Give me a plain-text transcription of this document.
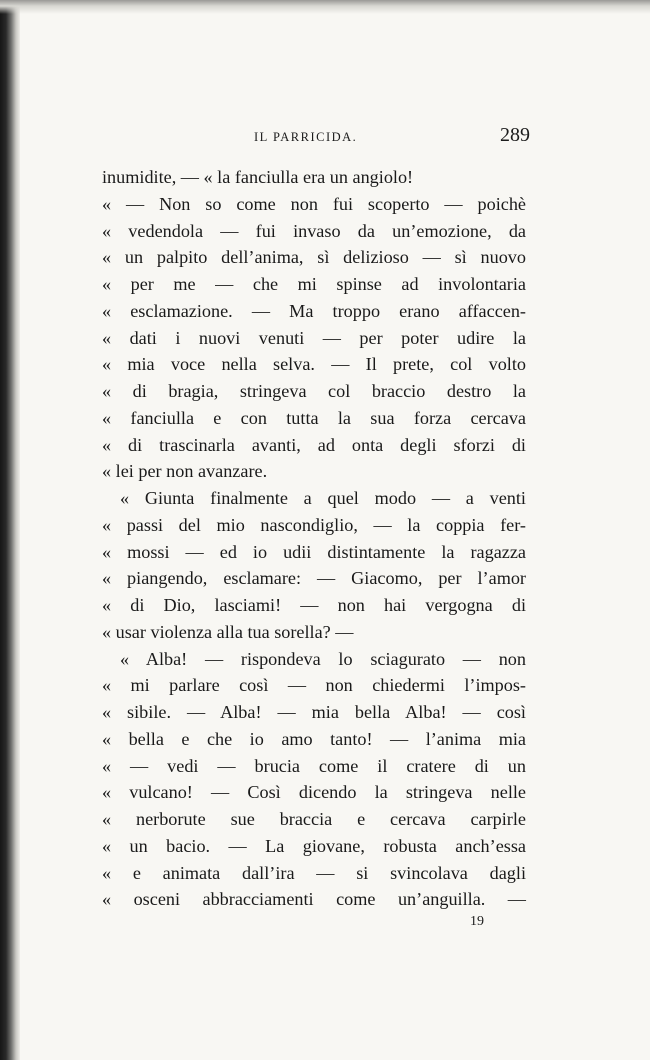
IL PARRICIDA.	289
inumidite, — « la fanciulla era un angiolo!
« — Non so come non fui scoperto — poichè
« vedendola — fui invaso da un’emozione, da
« un palpito dell’anima, sì delizioso — sì nuovo
« per me — che mi spinse ad involontaria
« esclamazione. — Ma troppo erano affaccen-
« dati i nuovi venuti — per poter udire la
« mia voce nella selva. — Il prete, col volto
« di bragia, stringeva col braccio destro la
« fanciulla e con tutta la sua forza cercava
« di trascinarla avanti, ad onta degli sforzi di
« lei per non avanzare.
« Giunta finalmente a quel modo — a venti
« passi del mio nascondiglio, — la coppia fer-
« mossi — ed io udii distintamente la ragazza
« piangendo, esclamare: — Giacomo, per l’amor
« di Dio, lasciami! — non hai vergogna di
« usar violenza alla tua sorella? —
« Alba! — rispondeva lo sciagurato — non
« mi parlare così — non chiedermi l’impos-
« sibile. — Alba! — mia bella Alba! — così
« bella e che io amo tanto! — l’anima mia
« — vedi — brucia come il cratere di un
« vulcano! — Così dicendo la stringeva nelle
« nerborute sue braccia e cercava carpirle
« un bacio. — La giovane, robusta anch’essa
« e animata dall’ira — si svincolava dagli
« osceni abbracciamenti come un’anguilla. —
19
